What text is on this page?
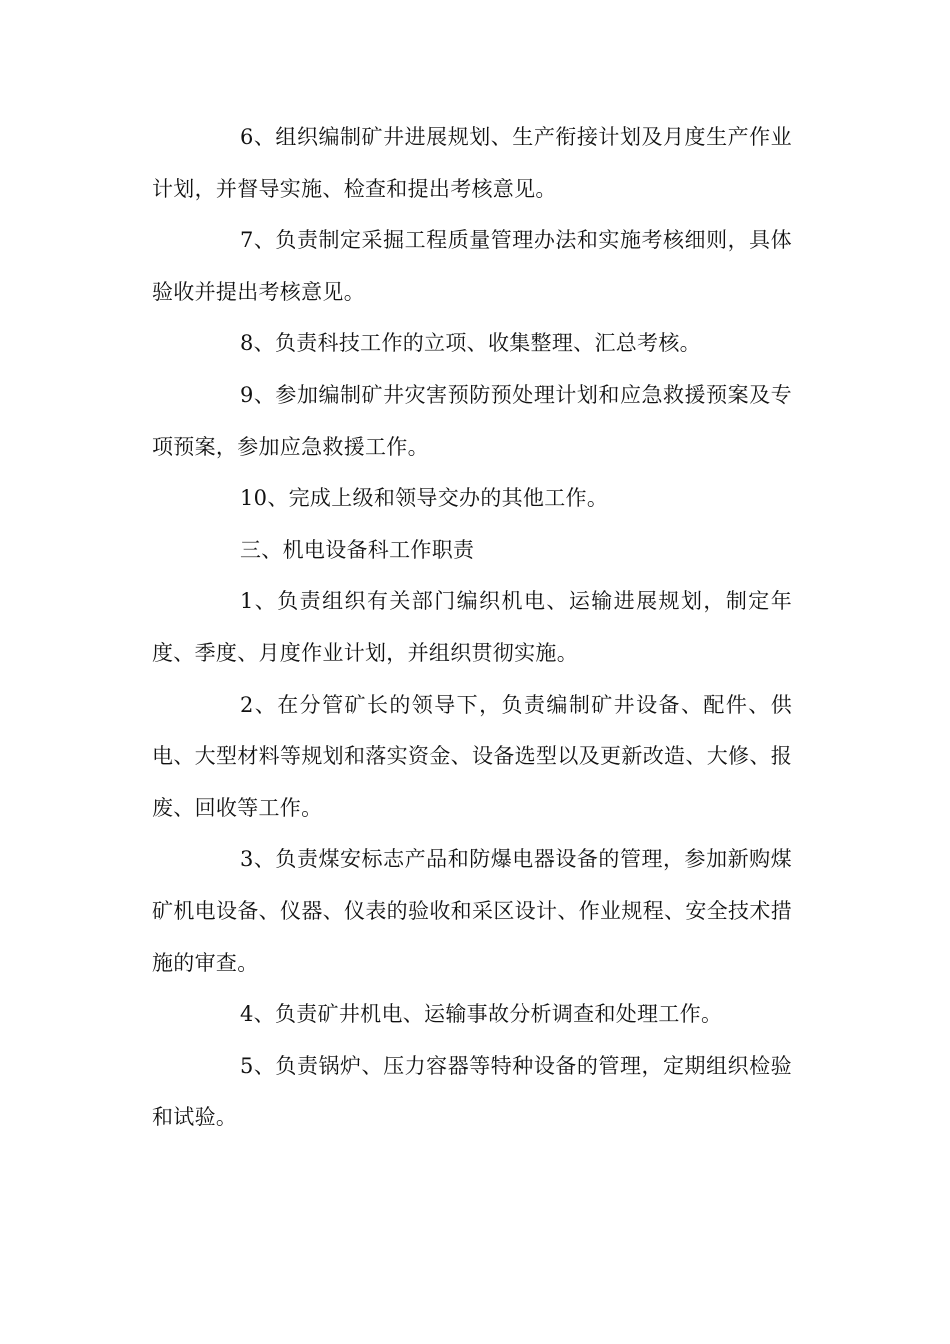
6、组织编制矿井进展规划、生产衔接计划及月度生产作业计划，并督导实施、检查和提出考核意见。

7、负责制定采掘工程质量管理办法和实施考核细则，具体验收并提出考核意见。

8、负责科技工作的立项、收集整理、汇总考核。

9、参加编制矿井灾害预防预处理计划和应急救援预案及专项预案，参加应急救援工作。

10、完成上级和领导交办的其他工作。

三、机电设备科工作职责

1、负责组织有关部门编织机电、运输进展规划，制定年度、季度、月度作业计划，并组织贯彻实施。

2、在分管矿长的领导下，负责编制矿井设备、配件、供电、大型材料等规划和落实资金、设备选型以及更新改造、大修、报废、回收等工作。

3、负责煤安标志产品和防爆电器设备的管理，参加新购煤矿机电设备、仪器、仪表的验收和采区设计、作业规程、安全技术措施的审查。

4、负责矿井机电、运输事故分析调查和处理工作。

5、负责锅炉、压力容器等特种设备的管理，定期组织检验和试验。
